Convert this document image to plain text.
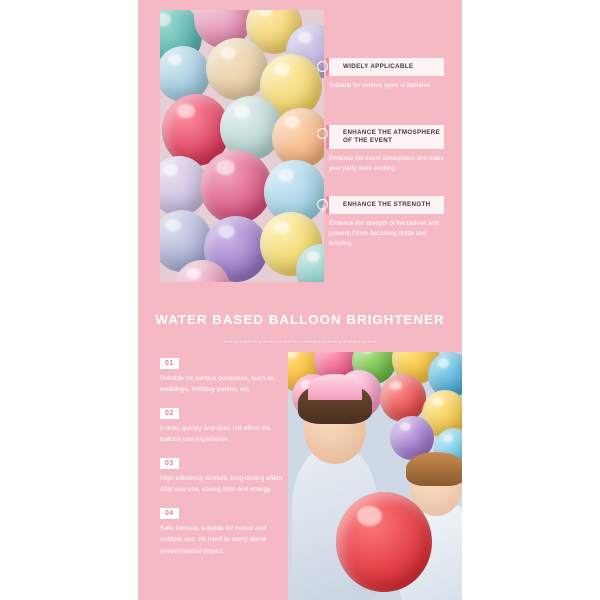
WIDELY APPLICABLE
Suitable for various types of balloons.
ENHANCE THE ATMOSPHERE OF THE EVENT
Enhance the event atmosphere and make your party more exciting.
ENHANCE THE STRENGTH
Enhance the strength of the balloon and prevent it from becoming brittle and bursting.
WATER BASED BALLOON BRIGHTENER
01

Suitable for various occasions, such as weddings, birthday parties, etc.

02

It dries quickly and does not affect the balloon use experience.

03

High-efficiency formula, long-lasting effect after one use, saving time and energy.

04

Safe formula, suitable for indoor and outdoor use, no need to worry about environmental impact.
